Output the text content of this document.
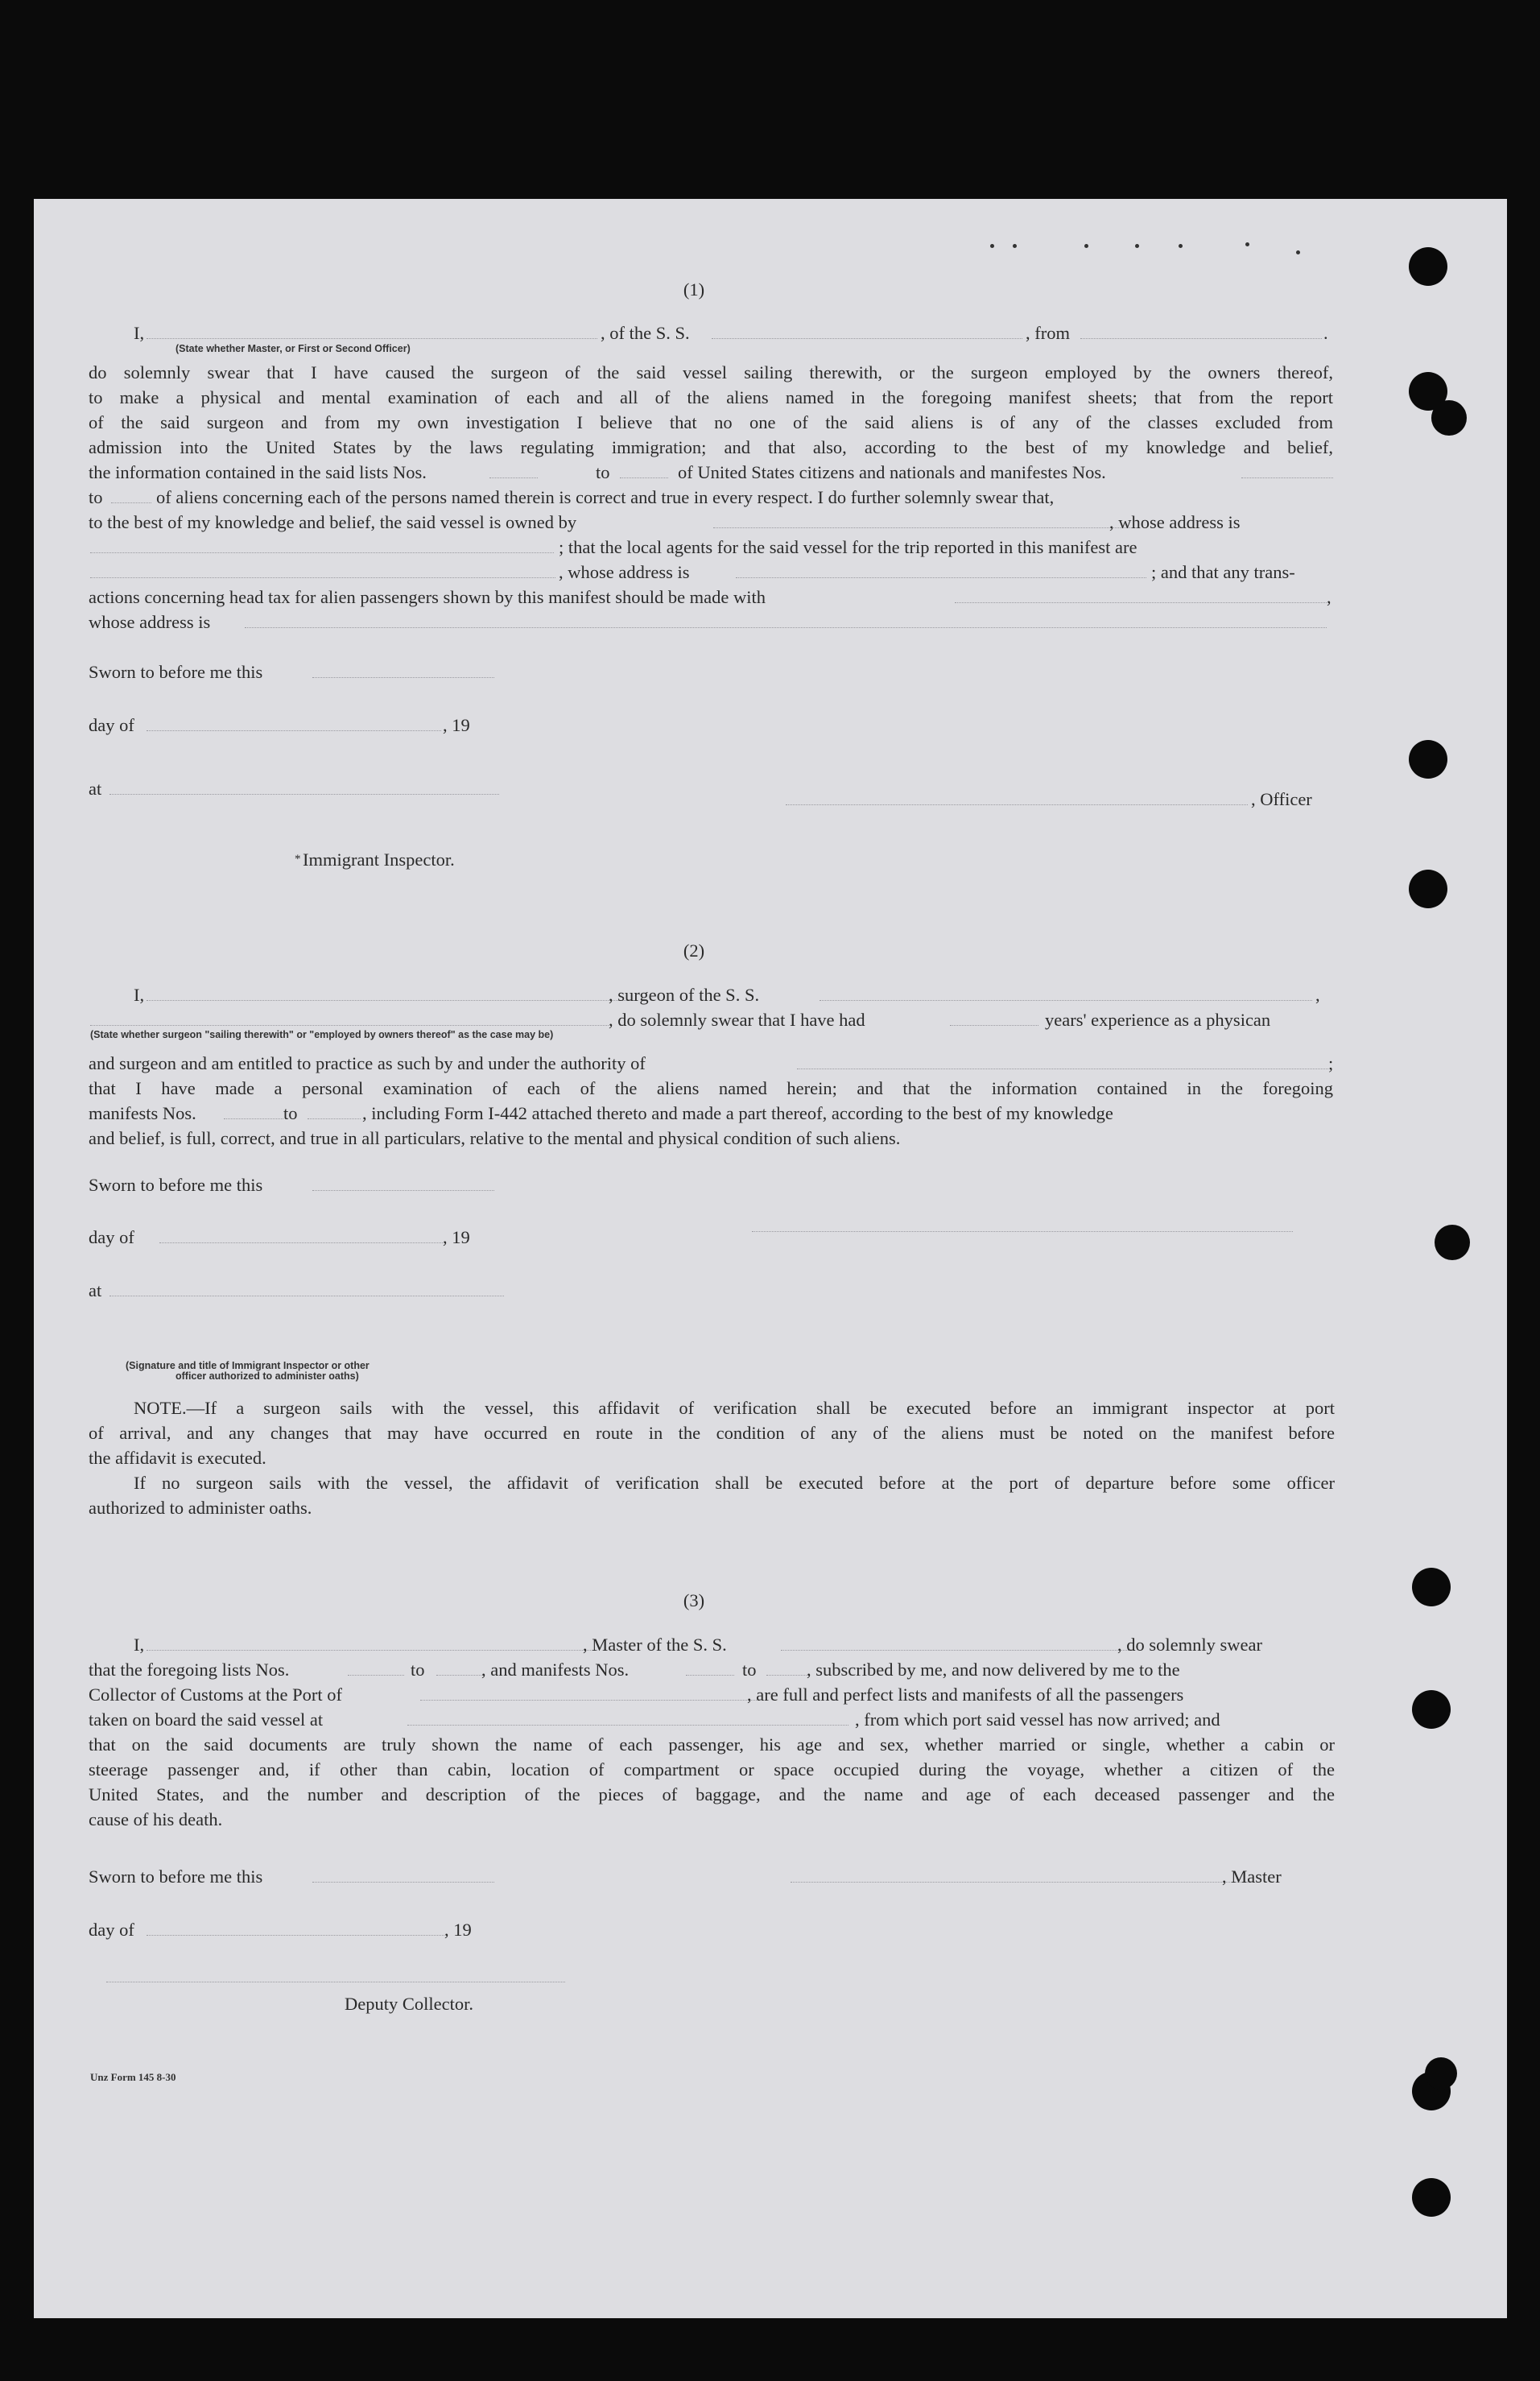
(1)
I,	, of the S. S.	, from	.
(State whether Master, or First or Second Officer)
do solemnly swear that I have caused the surgeon of the said vessel sailing therewith, or the surgeon employed by the owners thereof,
to make a physical and mental examination of each and all of the aliens named in the foregoing manifest sheets; that from the report
of the said surgeon and from my own investigation I believe that no one of the said aliens is of any of the classes excluded from
admission into the United States by the laws regulating immigration; and that also, according to the best of my knowledge and belief,
the information contained in the said lists Nos.	to	of United States citizens and nationals and manifestes Nos.
to	of aliens concerning each of the persons named therein is correct and true in every respect. I do further solemnly swear that,
to the best of my knowledge and belief, the said vessel is owned by	, whose address is
; that the local agents for the said vessel for the trip reported in this manifest are
, whose address is	; and that any trans-
actions concerning head tax for alien passengers shown by this manifest should be made with	,
whose address is
Sworn to before me this
day of	, 19
at
, Officer
Immigrant Inspector.
*
(2)
I,	, surgeon of the S. S.	,
, do solemnly swear that I have had	years' experience as a physican
(State whether surgeon "sailing therewith" or "employed by owners thereof" as the case may be)
and surgeon and am entitled to practice as such by and under the authority of	;
that I have made a personal examination of each of the aliens named herein; and that the information contained in the foregoing
manifests Nos.	to	, including Form I-442 attached thereto and made a part thereof, according to the best of my knowledge
and belief, is full, correct, and true in all particulars, relative to the mental and physical condition of such aliens.
Sworn to before me this
day of	, 19
at
(Signature and title of Immigrant Inspector or other
officer authorized to administer oaths)
NOTE.—If a surgeon sails with the vessel, this affidavit of verification shall be executed before an immigrant inspector at port
of arrival, and any changes that may have occurred en route in the condition of any of the aliens must be noted on the manifest before
the affidavit is executed.
If no surgeon sails with the vessel, the affidavit of verification shall be executed before at the port of departure before some officer
authorized to administer oaths.
(3)
I,	, Master of the S. S.	, do solemnly swear
that the foregoing lists Nos.	to	, and manifests Nos.	to	, subscribed by me, and now delivered by me to the
Collector of Customs at the Port of	, are full and perfect lists and manifests of all the passengers
taken on board the said vessel at	, from which port said vessel has now arrived; and
that on the said documents are truly shown the name of each passenger, his age and sex, whether married or single, whether a cabin or
steerage passenger and, if other than cabin, location of compartment or space occupied during the voyage, whether a citizen of the
United States, and the number and description of the pieces of baggage, and the name and age of each deceased passenger and the
cause of his death.
Sworn to before me this	, Master
day of	, 19
Deputy Collector.
Unz Form 145 8-30
